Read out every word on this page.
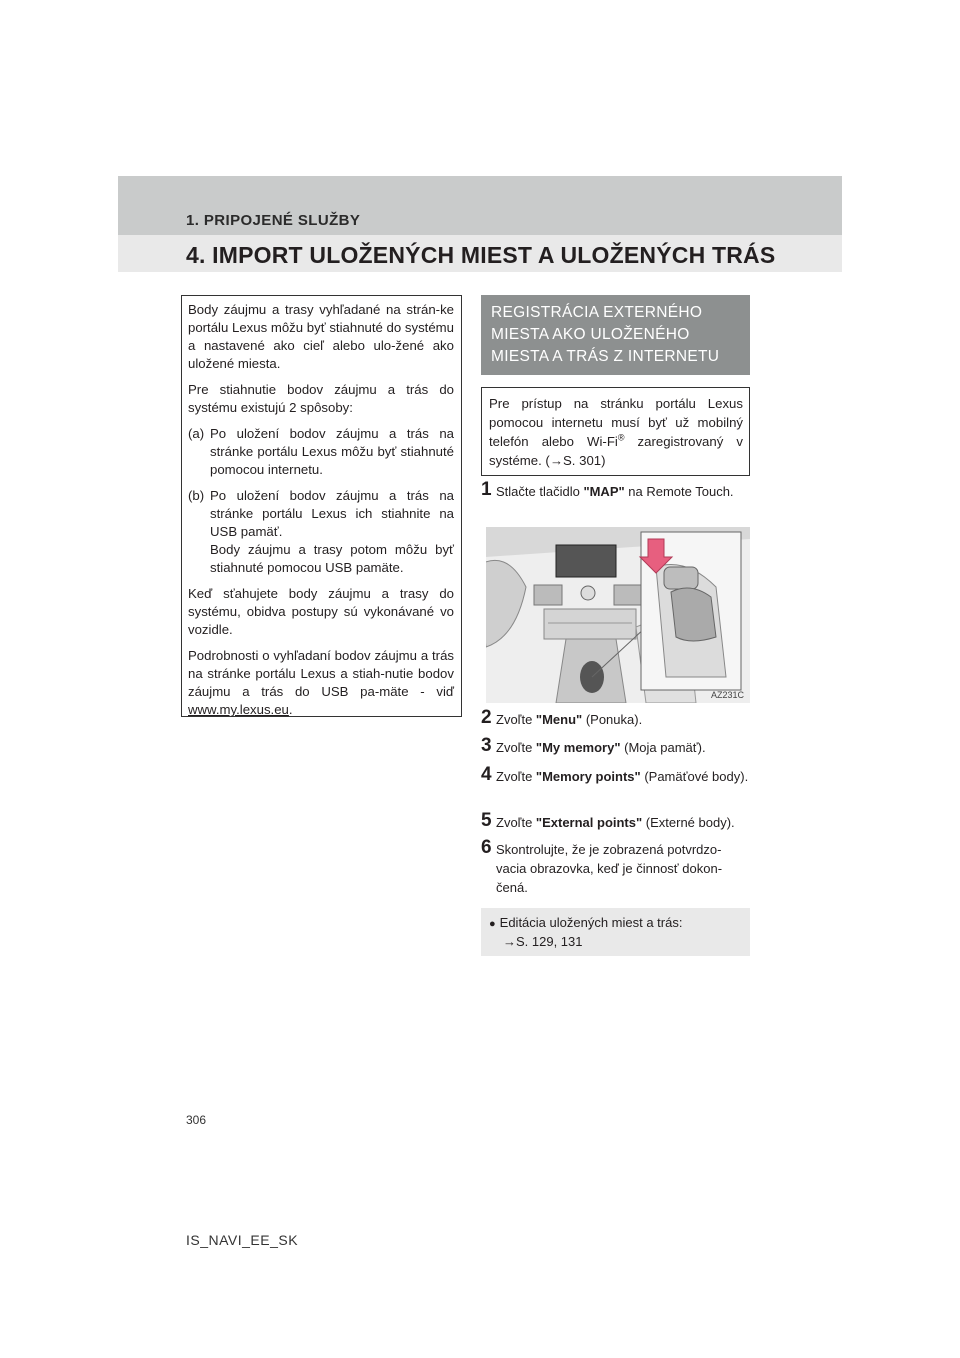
1. PRIPOJENÉ SLUŽBY
4. IMPORT ULOŽENÝCH MIEST A ULOŽENÝCH TRÁS

Body záujmu a trasy vyhľadané na strán-ke portálu Lexus môžu byť stiahnuté do systému a nastavené ako cieľ alebo ulo-žené ako uložené miesta.

Pre stiahnutie bodov záujmu a trás do systému existujú 2 spôsoby:

(a) Po uložení bodov záujmu a trás na stránke portálu Lexus môžu byť stiahnuté pomocou internetu.
(b) Po uložení bodov záujmu a trás na stránke portálu Lexus ich stiahnite na USB pamäť.
Body záujmu a trasy potom môžu byť stiahnuté pomocou USB pamäte.

Keď sťahujete body záujmu a trasy do systému, obidva postupy sú vykonávané vo vozidle.

Podrobnosti o vyhľadaní bodov záujmu a trás na stránke portálu Lexus a stiah-nutie bodov záujmu a trás do USB pa-mäte - viď www.my.lexus.eu.

REGISTRÁCIA EXTERNÉHO MIESTA AKO ULOŽENÉHO MIESTA A TRÁS Z INTERNETU
Pre prístup na stránku portálu Lexus pomocou internetu musí byť už mobilný telefón alebo Wi-Fi® zaregistrovaný v systéme. (→S. 301)
1 Stlačte tlačidlo "MAP" na Remote Touch.
AZ231C
2 Zvoľte "Menu" (Ponuka).
3 Zvoľte "My memory" (Moja pamäť).
4 Zvoľte "Memory points" (Pamäťové body).
5 Zvoľte "External points" (Externé body).
6 Skontrolujte, že je zobrazená potvrdzo-vacia obrazovka, keď je činnosť dokon-čená.
● Editácia uložených miest a trás:
→S. 129, 131
306
IS_NAVI_EE_SK
